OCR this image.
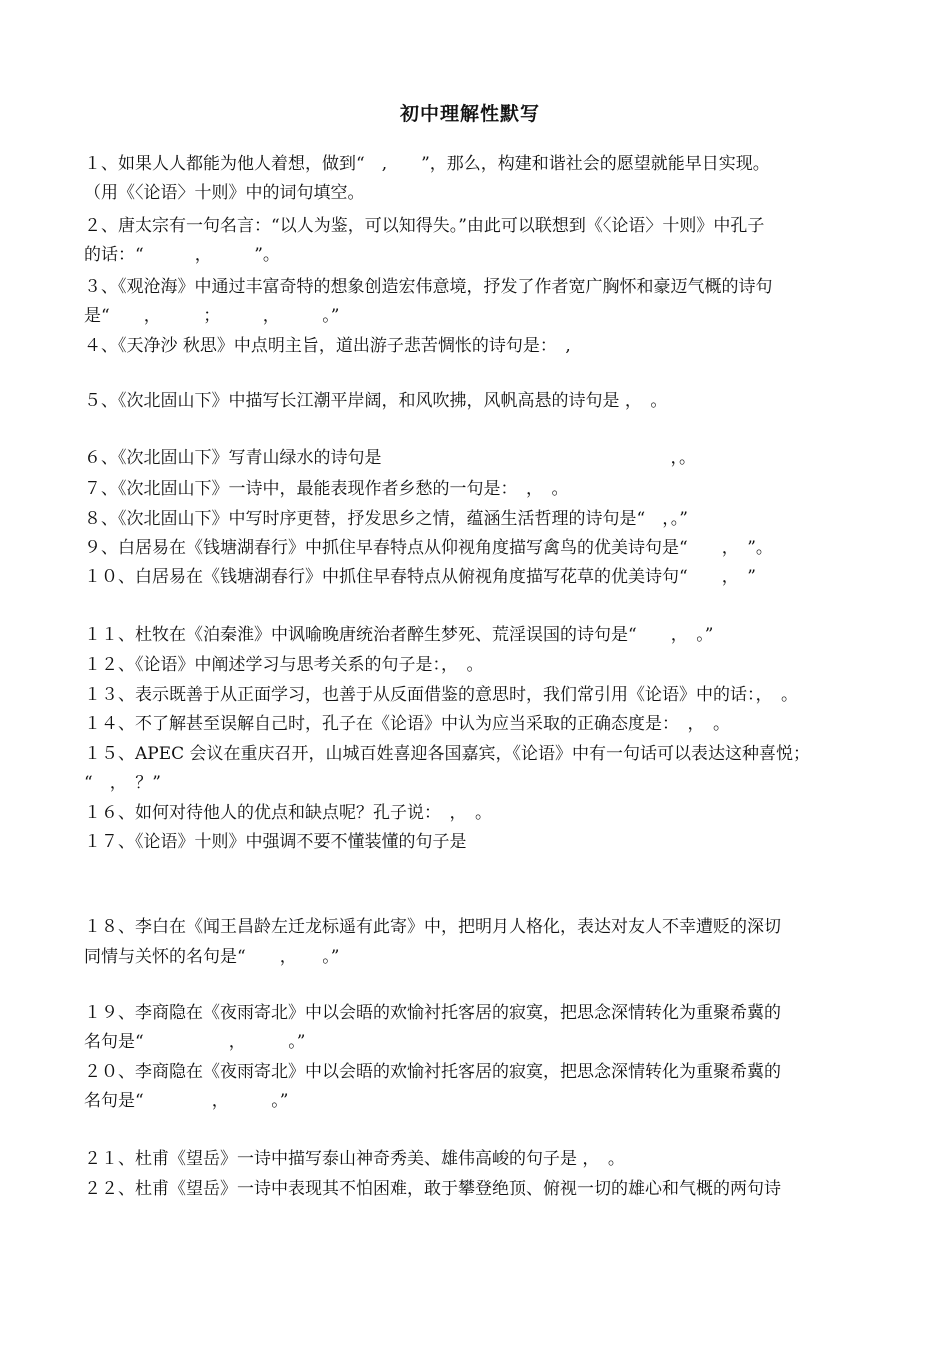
初中理解性默写
１、如果人人都能为他人着想，做到“　,　　”，那么，构建和谐社会的愿望就能早日实现。
（用《〈论语〉十则》中的词句填空。
２、唐太宗有一句名言：“以人为鉴，可以知得失。”由此可以联想到《〈论语〉十则》中孔子
的话：“　　　，　　　”。
３、《观沧海》中通过丰富奇特的想象创造宏伟意境，抒发了作者宽广胸怀和豪迈气概的诗句
是“　　，　　　；　　　，　　　。”
４、《天净沙 秋思》中点明主旨，道出游子悲苦惆怅的诗句是：　,
５、《次北固山下》中描写长江潮平岸阔，和风吹拂，风帆高悬的诗句是 ，　。
６、《次北固山下》写青山绿水的诗句是　　　　　　　　　　　　　　　　　，。
７、《次北固山下》一诗中，最能表现作者乡愁的一句是：　，　。
８、《次北固山下》中写时序更替，抒发思乡之情，蕴涵生活哲理的诗句是“　，。”
９、白居易在《钱塘湖春行》中抓住早春特点从仰视角度描写禽鸟的优美诗句是“　　，　”。
１０、白居易在《钱塘湖春行》中抓住早春特点从俯视角度描写花草的优美诗句“　　，　”
１１、杜牧在《泊秦淮》中讽喻晚唐统治者醉生梦死、荒淫误国的诗句是“　　，　。”
１２、《论语》中阐述学习与思考关系的句子是：，　。
１３、表示既善于从正面学习，也善于从反面借鉴的意思时，我们常引用《论语》中的话：，　。
１４、不了解甚至误解自己时，孔子在《论语》中认为应当采取的正确态度是：　，　。
１５、APEC 会议在重庆召开，山城百姓喜迎各国嘉宾，《论语》中有一句话可以表达这种喜悦；
“　，　？”
１６、如何对待他人的优点和缺点呢？孔子说：　，　。
１７、《论语》十则》中强调不要不懂装懂的句子是
１８、李白在《闻王昌龄左迁龙标遥有此寄》中，把明月人格化，表达对友人不幸遭贬的深切
同情与关怀的名句是“　　，　　。”
１９、李商隐在《夜雨寄北》中以会晤的欢愉衬托客居的寂寞，把思念深情转化为重聚希冀的
名句是“　　　　　，　　　。”
２０、李商隐在《夜雨寄北》中以会晤的欢愉衬托客居的寂寞，把思念深情转化为重聚希冀的
名句是“　　　　，　　　。”
２１、杜甫《望岳》一诗中描写泰山神奇秀美、雄伟高峻的句子是 ，　。
２２、杜甫《望岳》一诗中表现其不怕困难，敢于攀登绝顶、俯视一切的雄心和气概的两句诗
